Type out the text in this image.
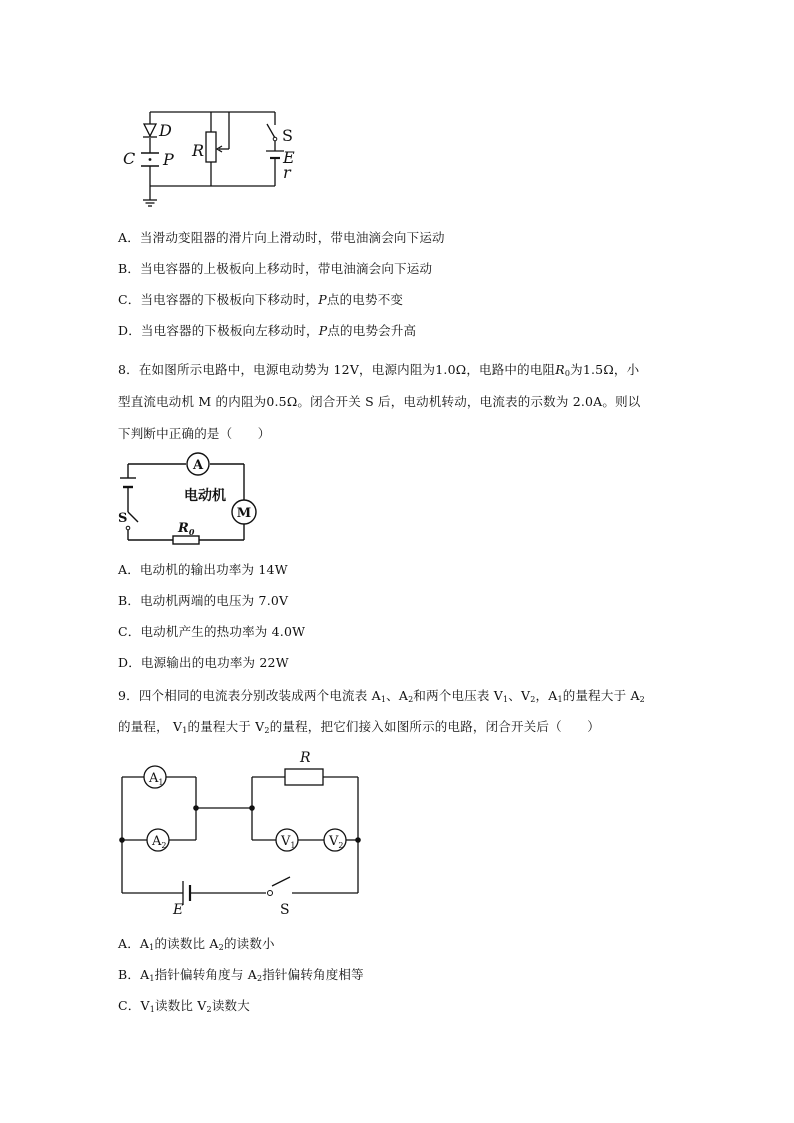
D
C P R
S
E
r
A．当滑动变阻器的滑片向上滑动时，带电油滴会向下运动
B．当电容器的上极板向上移动时，带电油滴会向下运动
C．当电容器的下极板向下移动时，P点的电势不变
D．当电容器的下极板向左移动时，P点的电势会升高
8．在如图所示电路中，电源电动势为 12V，电源内阻为1.0Ω，电路中的电阻$R_0$为1.5Ω，小
型直流电动机 M 的内阻为0.5Ω。闭合开关 S 后，电动机转动，电流表的示数为 2.0A。则以
下判断中正确的是（　　）
A
M
电动机
S
$R_0$
A．电动机的输出功率为 14W
B．电动机两端的电压为 7.0V
C．电动机产生的热功率为 4.0W
D．电源输出的电功率为 22W
9．四个相同的电流表分别改装成两个电流表 $A_1$、$A_2$和两个电压表 $V_1$、$V_2$，$A_1$的量程大于 $A_2$
的量程， $V_1$的量程大于 $V_2$的量程，把它们接入如图所示的电路，闭合开关后（　　）
$A_1$
$A_2$	$V_1$	$V_2$
R
E	S
A．$A_1$的读数比 $A_2$的读数小
B．$A_1$指针偏转角度与 $A_2$指针偏转角度相等
C．$V_1$读数比 $V_2$读数大
